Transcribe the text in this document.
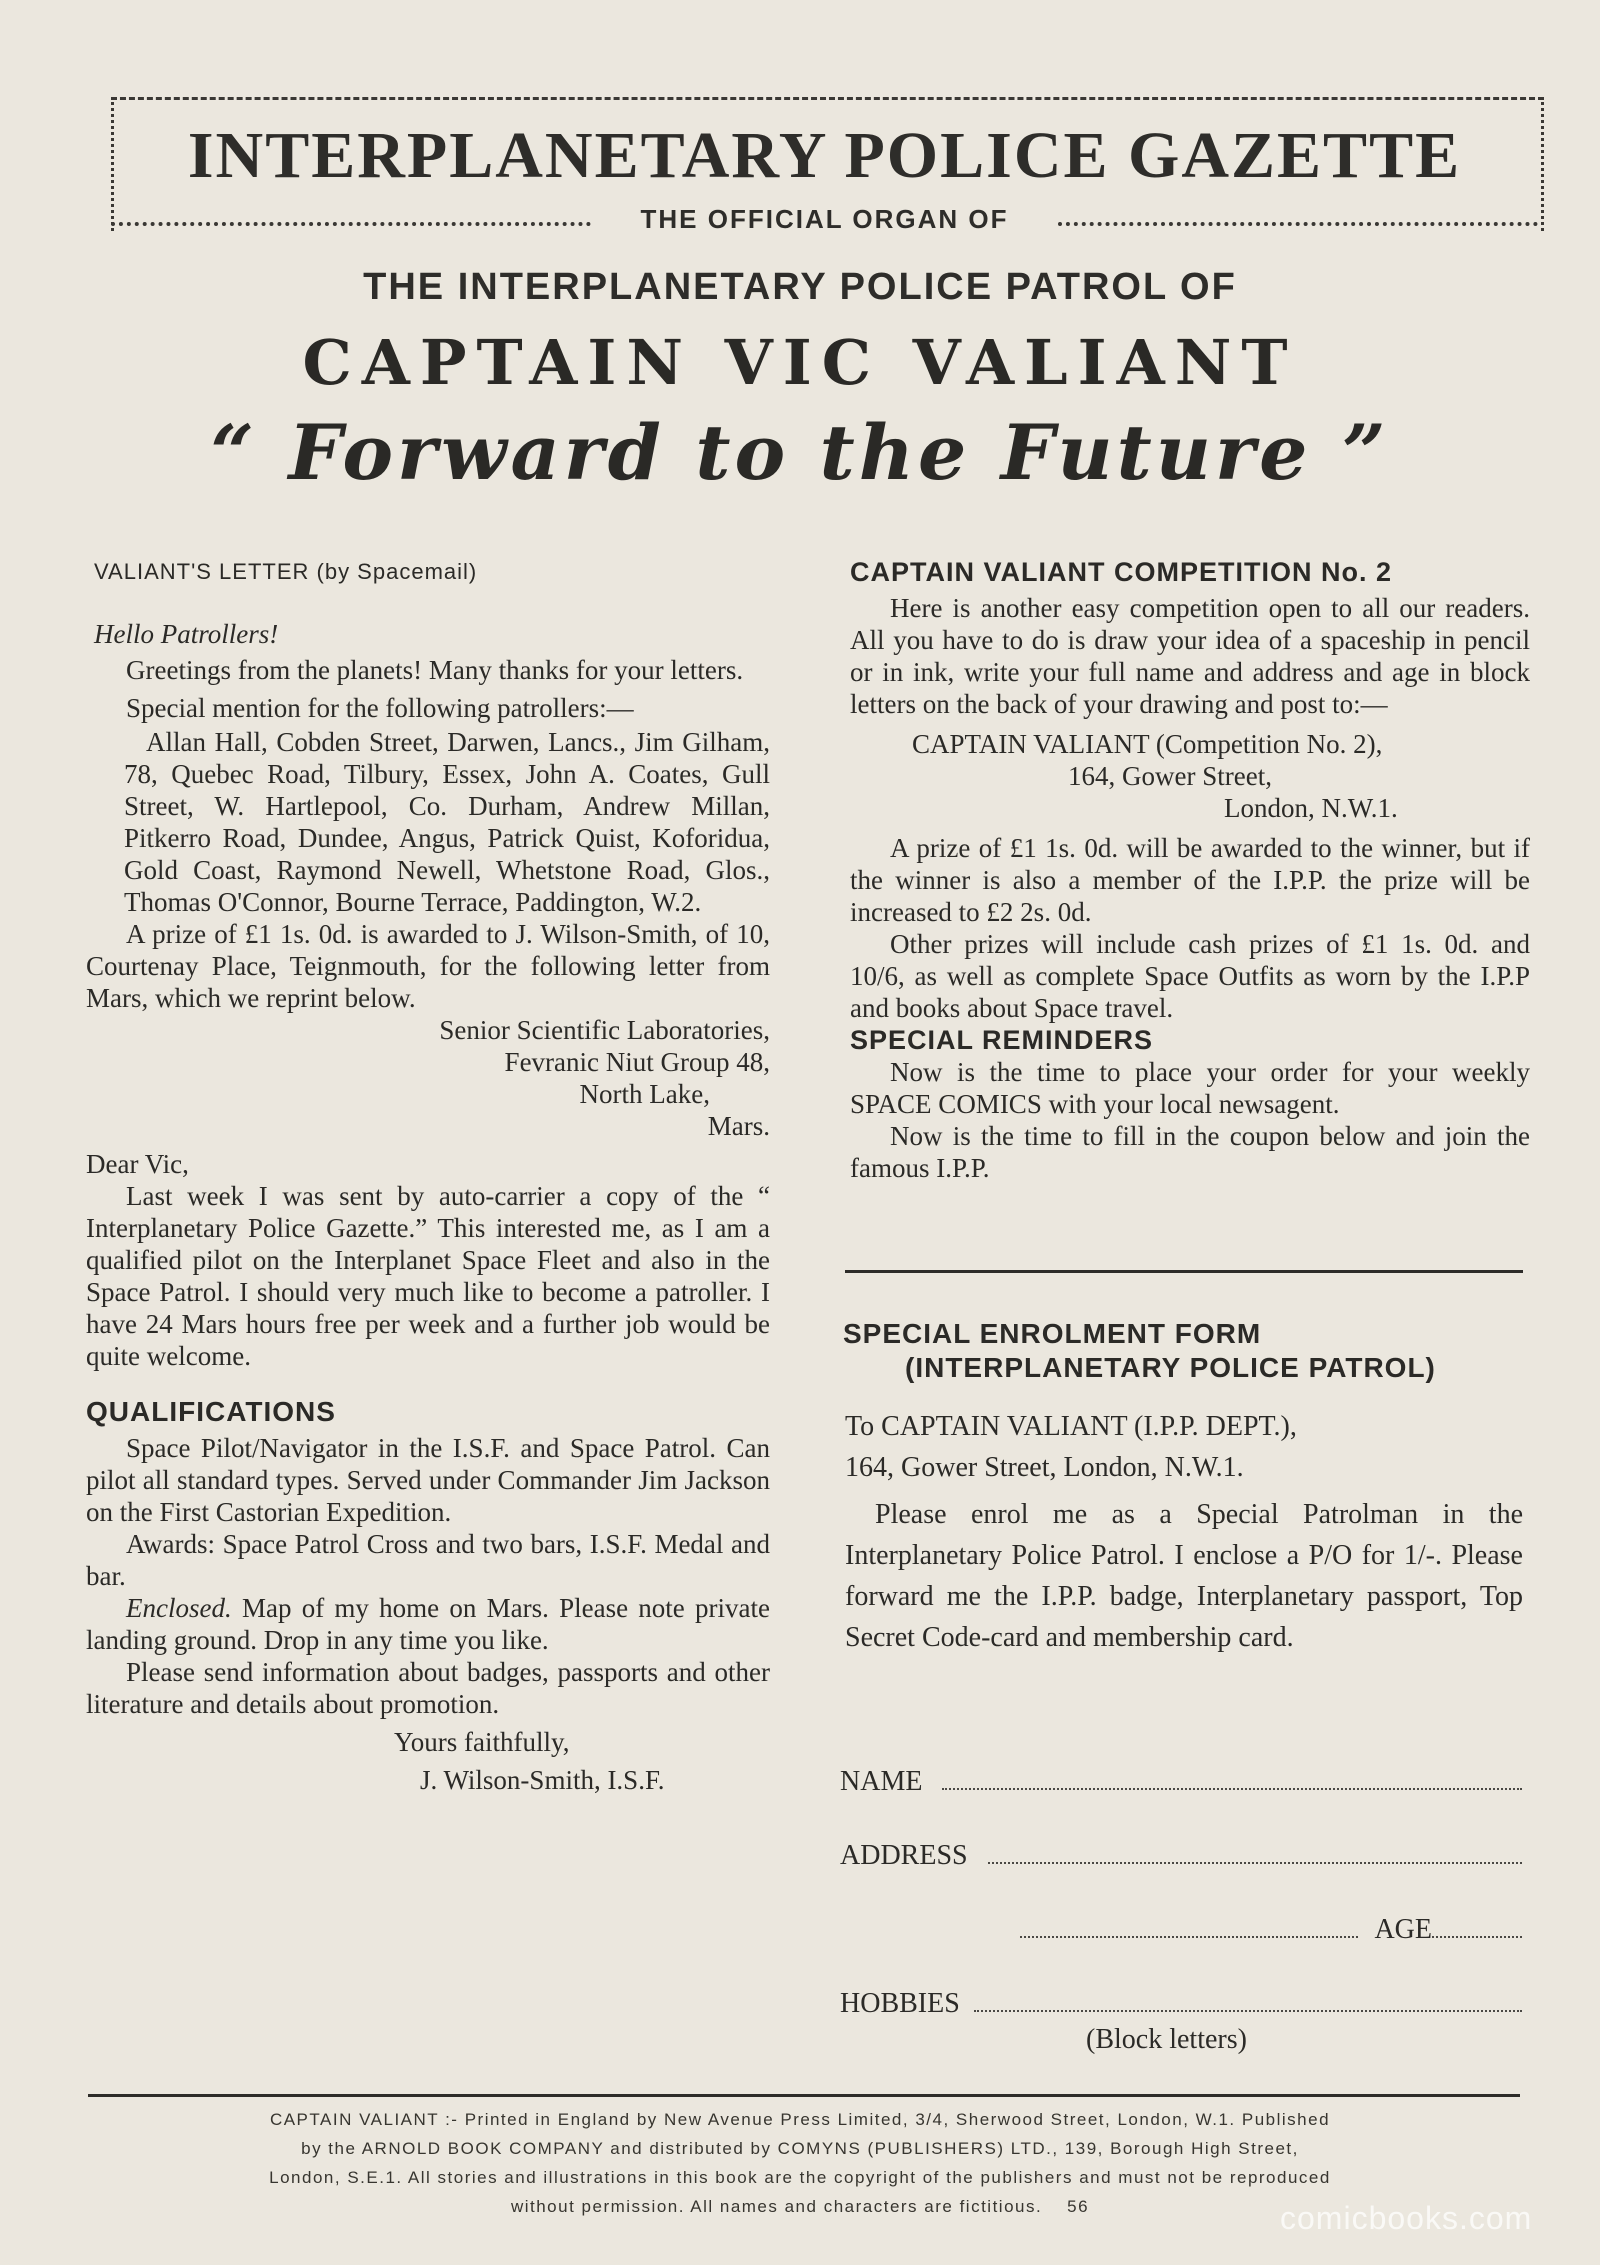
INTERPLANETARY POLICE GAZETTE
THE OFFICIAL ORGAN OF
THE INTERPLANETARY POLICE PATROL OF
CAPTAIN VIC VALIANT
“ Forward to the Future ”
VALIANT'S LETTER (by Spacemail)

Hello Patrollers!

Greetings from the planets! Many thanks for your letters.

Special mention for the following patrollers:—

Allan Hall, Cobden Street, Darwen, Lancs., Jim Gilham, 78, Quebec Road, Tilbury, Essex, John A. Coates, Gull Street, W. Hartlepool, Co. Durham, Andrew Millan, Pitkerro Road, Dundee, Angus, Patrick Quist, Koforidua, Gold Coast, Raymond Newell, Whetstone Road, Glos., Thomas O'Connor, Bourne Terrace, Paddington, W.2.

A prize of £1 1s. 0d. is awarded to J. Wilson-Smith, of 10, Courtenay Place, Teignmouth, for the following letter from Mars, which we reprint below.

Senior Scientific Laboratories,
Fevranic Niut Group 48,
North Lake,
Mars.

Dear Vic,

Last week I was sent by auto-carrier a copy of the “ Interplanetary Police Gazette.” This interested me, as I am a qualified pilot on the Interplanet Space Fleet and also in the Space Patrol. I should very much like to become a patroller. I have 24 Mars hours free per week and a further job would be quite welcome.

QUALIFICATIONS

Space Pilot/Navigator in the I.S.F. and Space Patrol. Can pilot all standard types. Served under Commander Jim Jackson on the First Castorian Expedition.

Awards: Space Patrol Cross and two bars, I.S.F. Medal and bar.

Enclosed. Map of my home on Mars. Please note private landing ground. Drop in any time you like.

Please send information about badges, passports and other literature and details about promotion.

Yours faithfully,

J. Wilson-Smith, I.S.F.

CAPTAIN VALIANT COMPETITION No. 2

Here is another easy competition open to all our readers. All you have to do is draw your idea of a spaceship in pencil or in ink, write your full name and address and age in block letters on the back of your drawing and post to:—

CAPTAIN VALIANT (Competition No. 2),
164, Gower Street,
London, N.W.1.

A prize of £1 1s. 0d. will be awarded to the winner, but if the winner is also a member of the I.P.P. the prize will be increased to £2 2s. 0d.

Other prizes will include cash prizes of £1 1s. 0d. and 10/6, as well as complete Space Outfits as worn by the I.P.P and books about Space travel.

SPECIAL REMINDERS

Now is the time to place your order for your weekly SPACE COMICS with your local newsagent.

Now is the time to fill in the coupon below and join the famous I.P.P.

SPECIAL ENROLMENT FORM
(INTERPLANETARY POLICE PATROL)
To CAPTAIN VALIANT (I.P.P. DEPT.),
164, Gower Street, London, N.W.1.
Please enrol me as a Special Patrolman in the Interplanetary Police Patrol. I enclose a P/O for 1/-. Please forward me the I.P.P. badge, Interplanetary passport, Top Secret Code-card and membership card.
NAME
ADDRESS
AGE
HOBBIES
(Block letters)
CAPTAIN VALIANT :- Printed in England by New Avenue Press Limited, 3/4, Sherwood Street, London, W.1. Published
by the ARNOLD BOOK COMPANY and distributed by COMYNS (PUBLISHERS) LTD., 139, Borough High Street,
London, S.E.1. All stories and illustrations in this book are the copyright of the publishers and must not be reproduced
without permission. All names and characters are fictitious. 56	comicbooks.com
